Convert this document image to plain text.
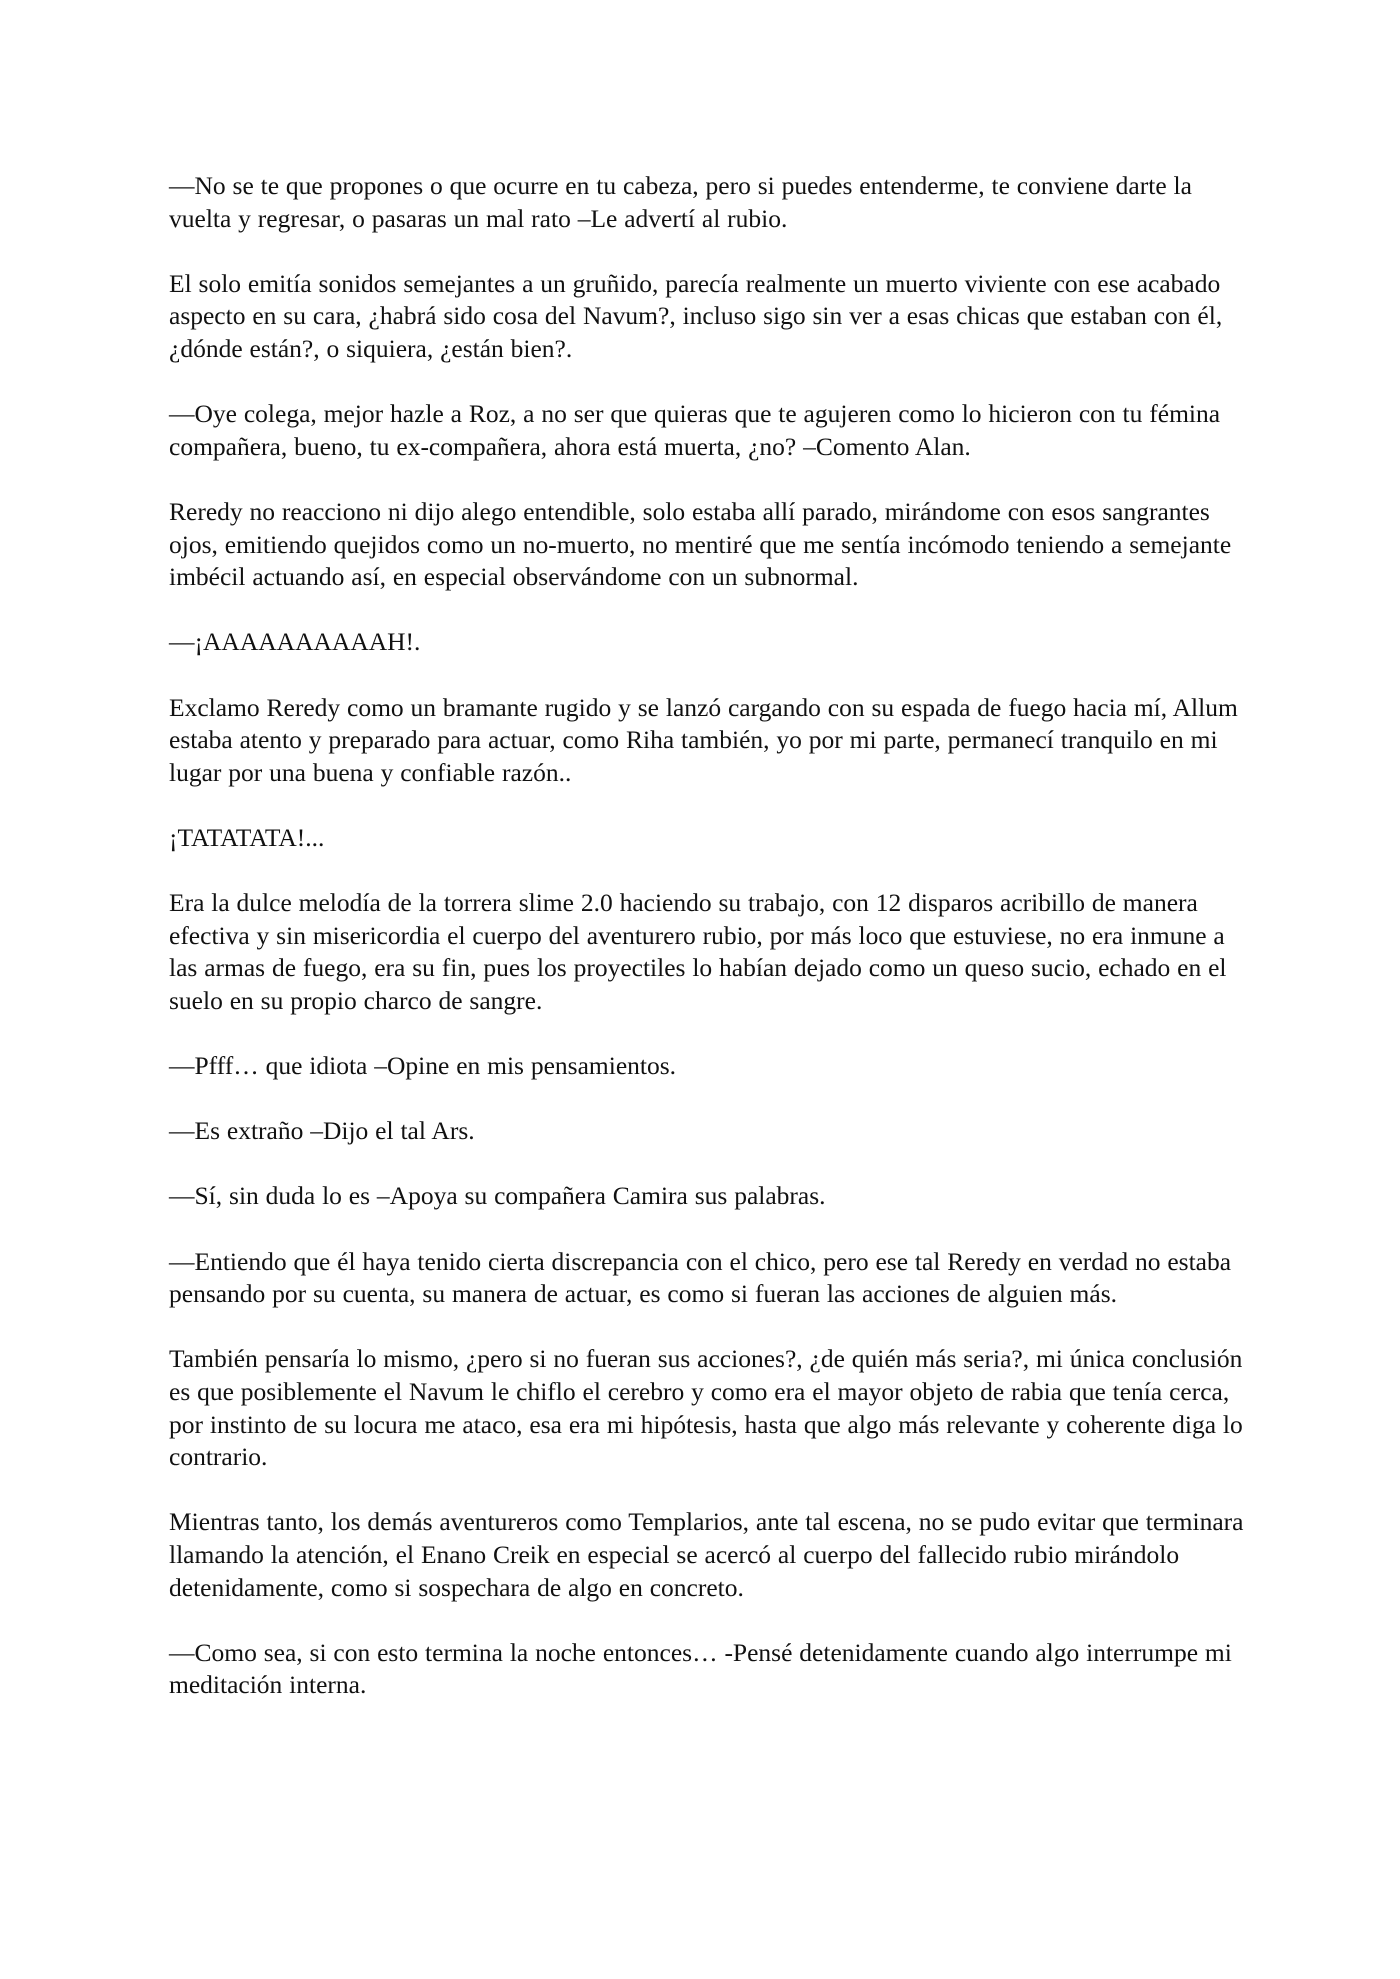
—No se te que propones o que ocurre en tu cabeza, pero si puedes entenderme, te conviene darte la vuelta y regresar, o pasaras un mal rato –Le advertí al rubio.

El solo emitía sonidos semejantes a un gruñido, parecía realmente un muerto viviente con ese acabado aspecto en su cara, ¿habrá sido cosa del Navum?, incluso sigo sin ver a esas chicas que estaban con él, ¿dónde están?, o siquiera, ¿están bien?.

—Oye colega, mejor hazle a Roz, a no ser que quieras que te agujeren como lo hicieron con tu fémina compañera, bueno, tu ex-compañera, ahora está muerta, ¿no? –Comento Alan.

Reredy no reacciono ni dijo alego entendible, solo estaba allí parado, mirándome con esos sangrantes ojos, emitiendo quejidos como un no-muerto, no mentiré que me sentía incómodo teniendo a semejante imbécil actuando así, en especial observándome con un subnormal.

—¡AAAAAAAAAAH!.

Exclamo Reredy como un bramante rugido y se lanzó cargando con su espada de fuego hacia mí, Allum estaba atento y preparado para actuar, como Riha también, yo por mi parte, permanecí tranquilo en mi lugar por una buena y confiable razón..

¡TATATATA!...

Era la dulce melodía de la torrera slime 2.0 haciendo su trabajo, con 12 disparos acribillo de manera efectiva y sin misericordia el cuerpo del aventurero rubio, por más loco que estuviese, no era inmune a las armas de fuego, era su fin, pues los proyectiles lo habían dejado como un queso sucio, echado en el suelo en su propio charco de sangre.

—Pfff… que idiota –Opine en mis pensamientos.

—Es extraño –Dijo el tal Ars.

—Sí, sin duda lo es –Apoya su compañera Camira sus palabras.

—Entiendo que él haya tenido cierta discrepancia con el chico, pero ese tal Reredy en verdad no estaba pensando por su cuenta, su manera de actuar, es como si fueran las acciones de alguien más.

También pensaría lo mismo, ¿pero si no fueran sus acciones?, ¿de quién más seria?, mi única conclusión es que posiblemente el Navum le chiflo el cerebro y como era el mayor objeto de rabia que tenía cerca, por instinto de su locura me ataco, esa era mi hipótesis, hasta que algo más relevante y coherente diga lo contrario.

Mientras tanto, los demás aventureros como Templarios, ante tal escena, no se pudo evitar que terminara llamando la atención, el Enano Creik en especial se acercó al cuerpo del fallecido rubio mirándolo detenidamente, como si sospechara de algo en concreto.

—Como sea, si con esto termina la noche entonces… -Pensé detenidamente cuando algo interrumpe mi meditación interna.
